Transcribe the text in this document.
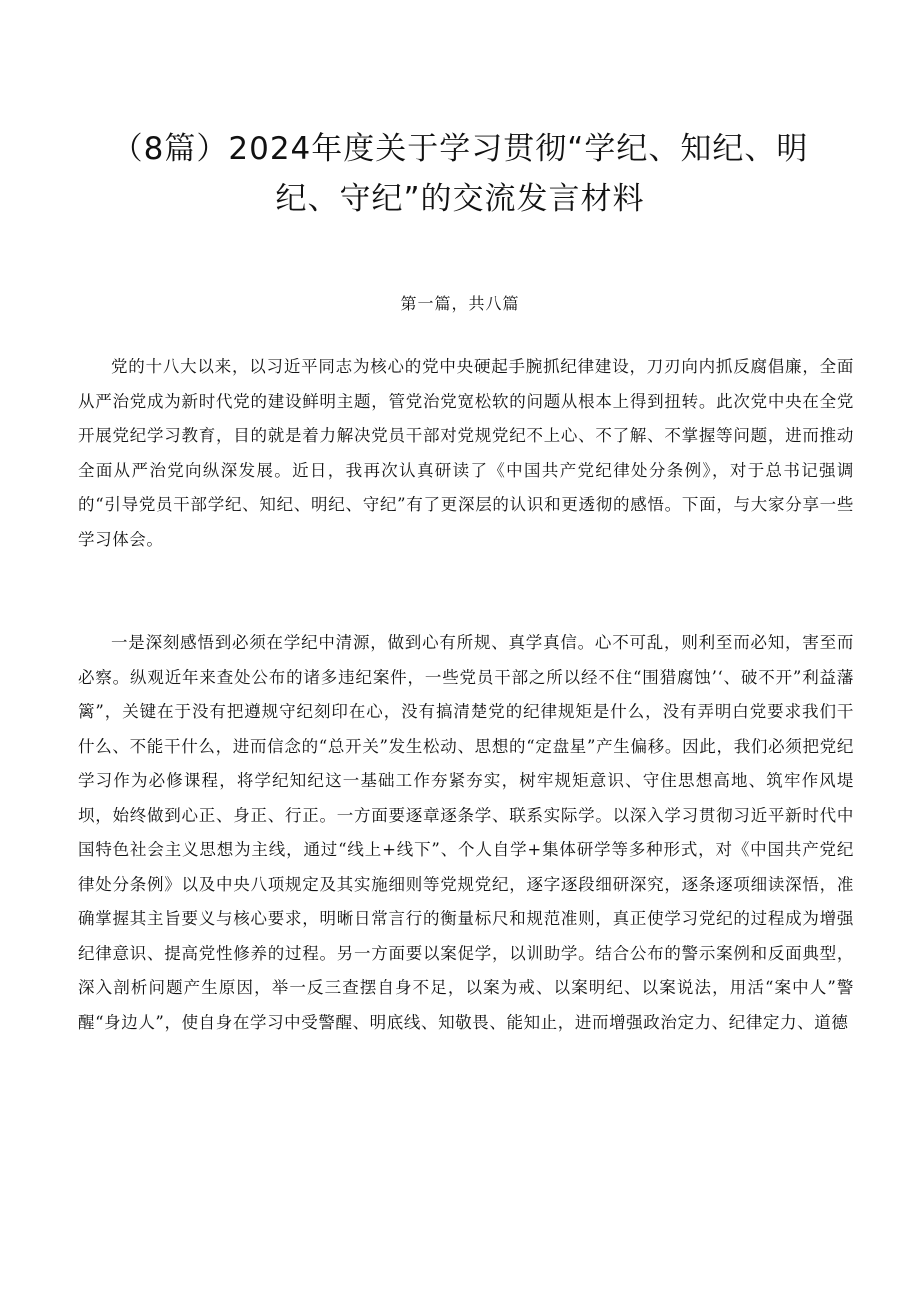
（8篇）2024年度关于学习贯彻“学纪、知纪、明纪、守纪”的交流发言材料

第一篇，共八篇

党的十八大以来，以习近平同志为核心的党中央硬起手腕抓纪律建设，刀刃向内抓反腐倡廉，全面从严治党成为新时代党的建设鲜明主题，管党治党宽松软的问题从根本上得到扭转。此次党中央在全党开展党纪学习教育，目的就是着力解决党员干部对党规党纪不上心、不了解、不掌握等问题，进而推动全面从严治党向纵深发展。近日，我再次认真研读了《中国共产党纪律处分条例》，对于总书记强调的“引导党员干部学纪、知纪、明纪、守纪”有了更深层的认识和更透彻的感悟。下面，与大家分享一些学习体会。

一是深刻感悟到必须在学纪中清源，做到心有所规、真学真信。心不可乱，则利至而必知，害至而必察。纵观近年来查处公布的诸多违纪案件，一些党员干部之所以经不住“围猎腐蚀’‘、破不开”利益藩篱”，关键在于没有把遵规守纪刻印在心，没有搞清楚党的纪律规矩是什么，没有弄明白党要求我们干什么、不能干什么，进而信念的“总开关”发生松动、思想的“定盘星”产生偏移。因此，我们必须把党纪学习作为必修课程，将学纪知纪这一基础工作夯紧夯实，树牢规矩意识、守住思想高地、筑牢作风堤坝，始终做到心正、身正、行正。一方面要逐章逐条学、联系实际学。以深入学习贯彻习近平新时代中国特色社会主义思想为主线，通过“线上+线下”、个人自学+集体研学等多种形式，对《中国共产党纪律处分条例》以及中央八项规定及其实施细则等党规党纪，逐字逐段细研深究，逐条逐项细读深悟，准确掌握其主旨要义与核心要求，明晰日常言行的衡量标尺和规范准则，真正使学习党纪的过程成为增强纪律意识、提高党性修养的过程。另一方面要以案促学，以训助学。结合公布的警示案例和反面典型，深入剖析问题产生原因，举一反三查摆自身不足，以案为戒、以案明纪、以案说法，用活“案中人”警醒“身边人”，使自身在学习中受警醒、明底线、知敬畏、能知止，进而增强政治定力、纪律定力、道德
